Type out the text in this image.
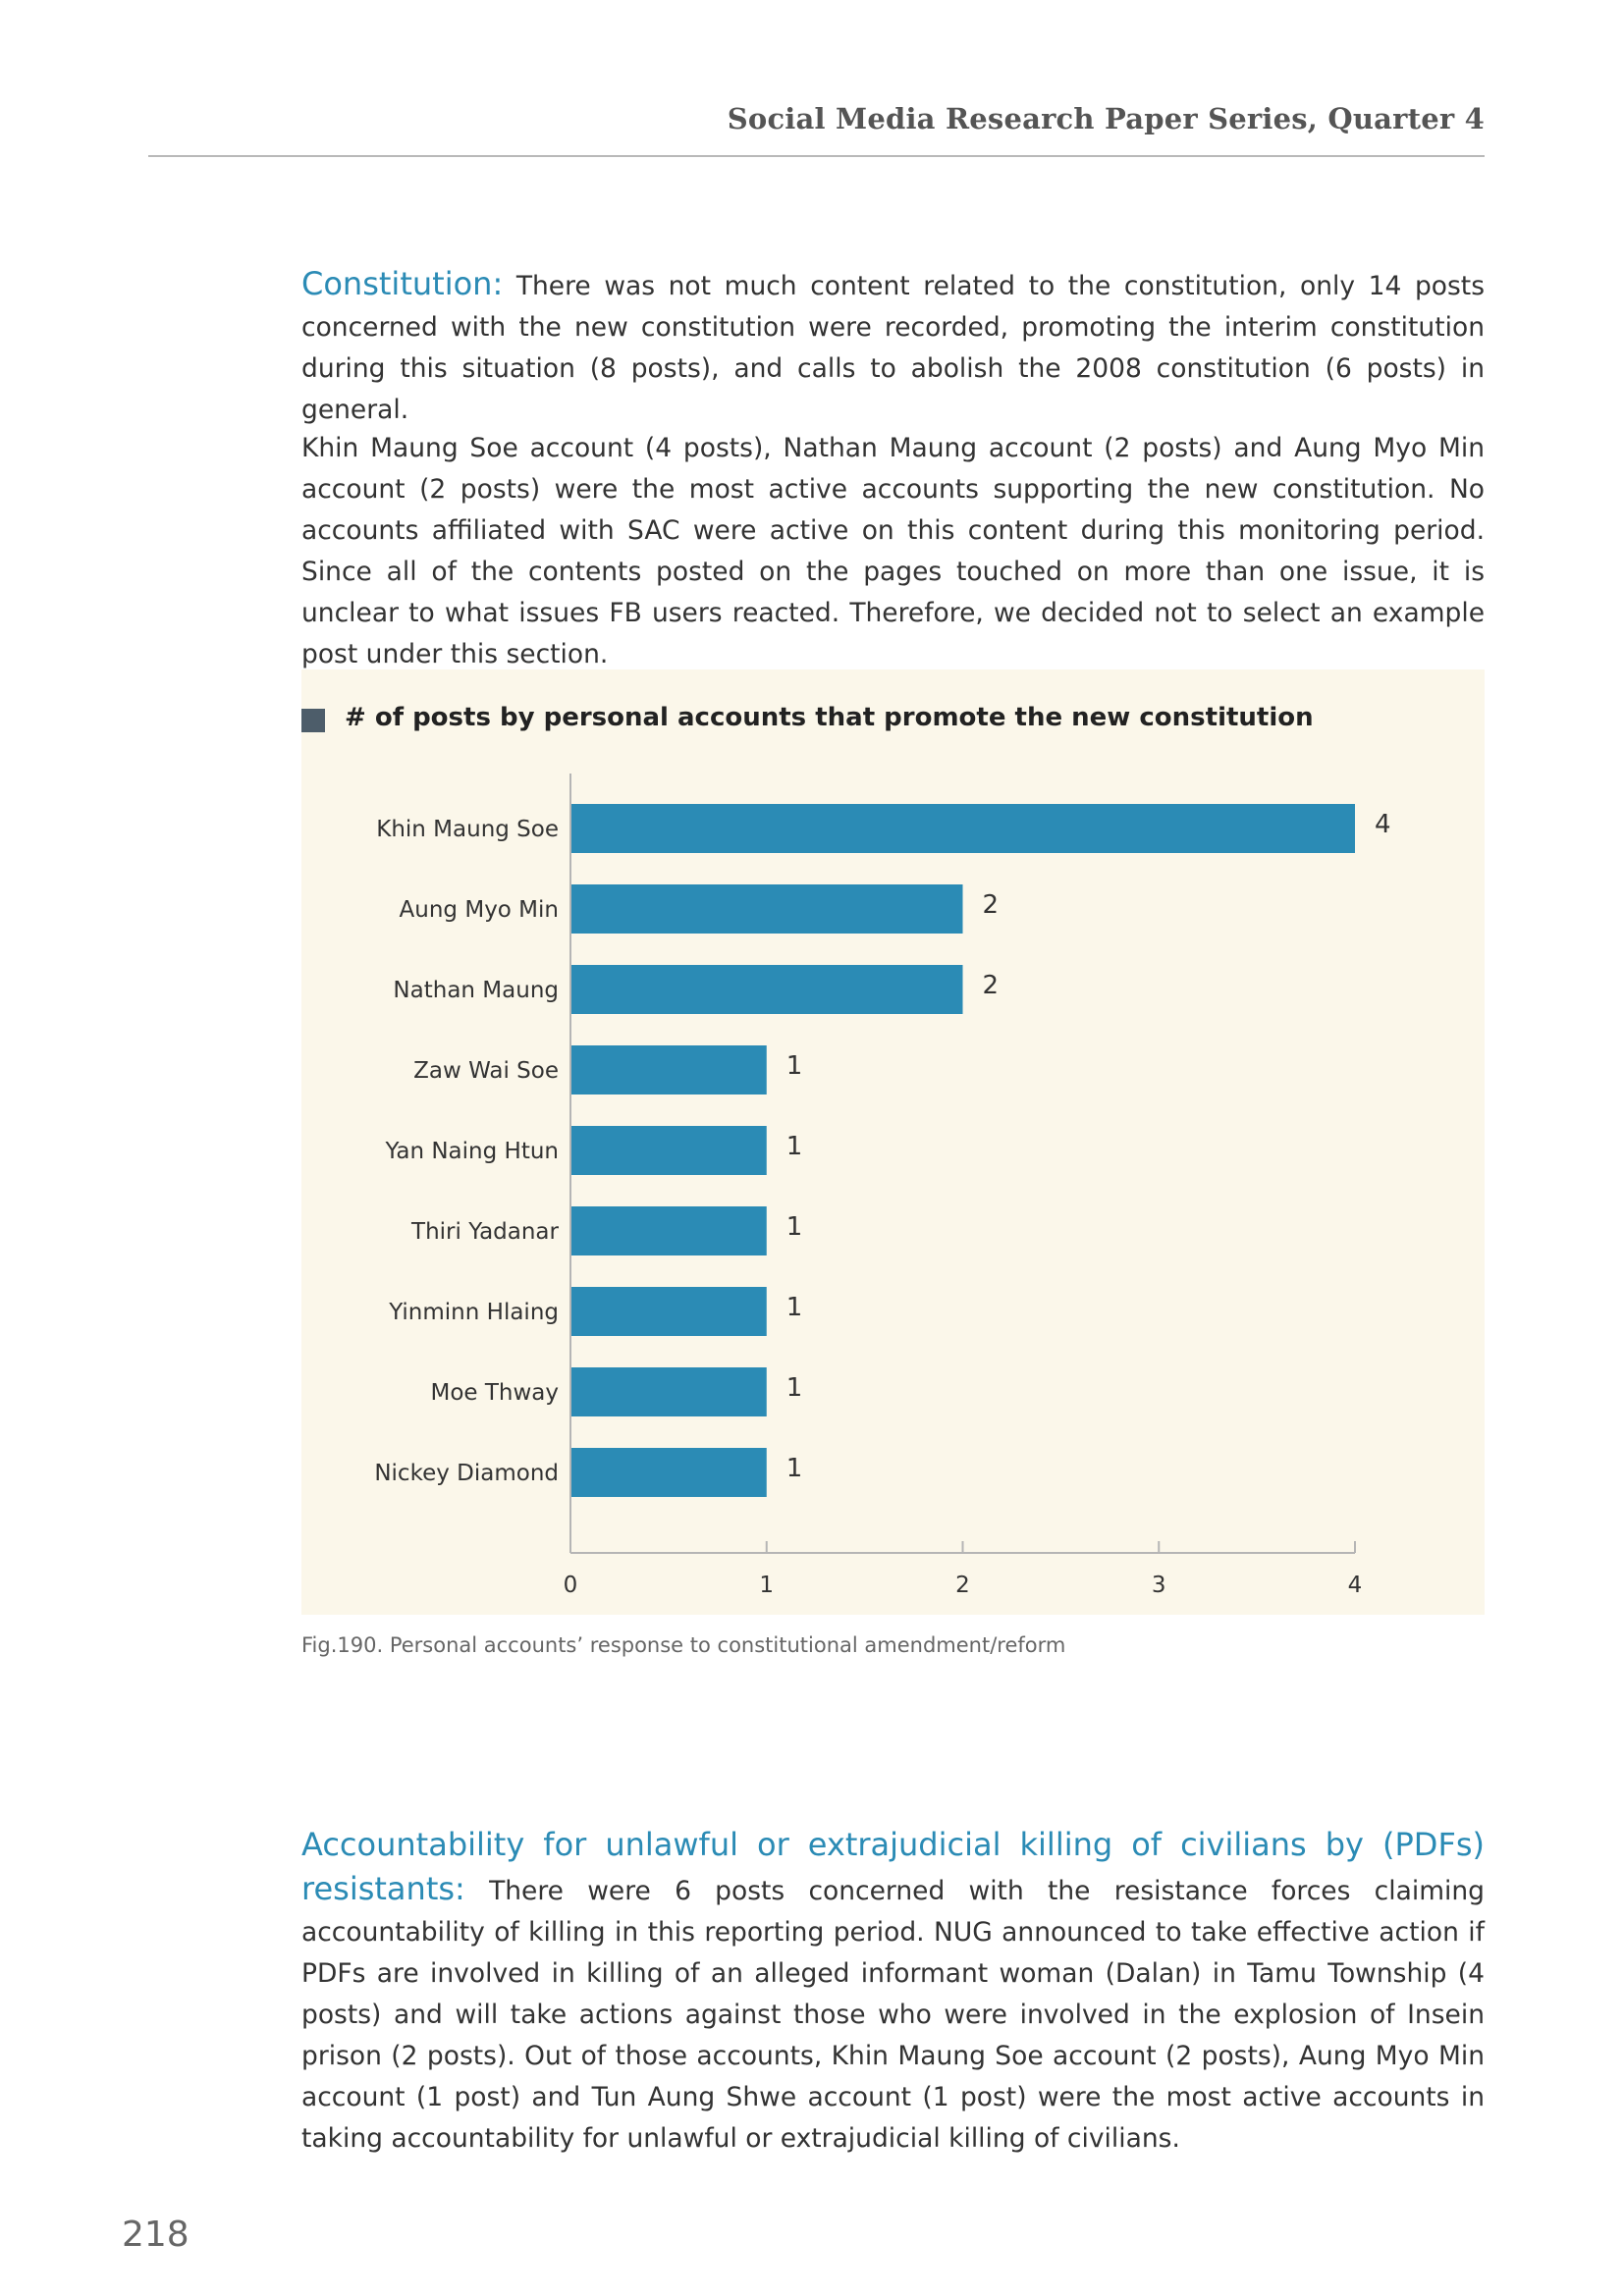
Social Media Research Paper Series, Quarter 4

Constitution: There was not much content related to the constitution, only 14 posts concerned with the new constitution were recorded, promoting the interim constitution during this situation (8 posts), and calls to abolish the 2008 constitution (6 posts) in general.

Khin Maung Soe account (4 posts), Nathan Maung account (2 posts) and Aung Myo Min account (2 posts) were the most active accounts supporting the new constitution. No accounts affiliated with SAC were active on this content during this monitoring period. Since all of the contents posted on the pages touched on more than one issue, it is unclear to what issues FB users reacted. Therefore, we decided not to select an example post under this section.

# of posts by personal accounts that promote the new constitution
0	1	2	3	4
Khin Maung Soe	4
Aung Myo Min	2
Nathan Maung	2
Zaw Wai Soe	1
Yan Naing Htun	1
Thiri Yadanar	1
Yinminn Hlaing	1
Moe Thway	1
Nickey Diamond	1
Fig.190. Personal accounts’ response to constitutional amendment/reform

Accountability for unlawful or extrajudicial killing of civilians by (PDFs) resistants: There were 6 posts concerned with the resistance forces claiming accountability of killing in this reporting period. NUG announced to take effective action if PDFs are involved in killing of an alleged informant woman (Dalan) in Tamu Township (4 posts) and will take actions against those who were involved in the explosion of Insein prison (2 posts). Out of those accounts, Khin Maung Soe account (2 posts), Aung Myo Min account (1 post) and Tun Aung Shwe account (1 post) were the most active accounts in taking accountability for unlawful or extrajudicial killing of civilians.

218
